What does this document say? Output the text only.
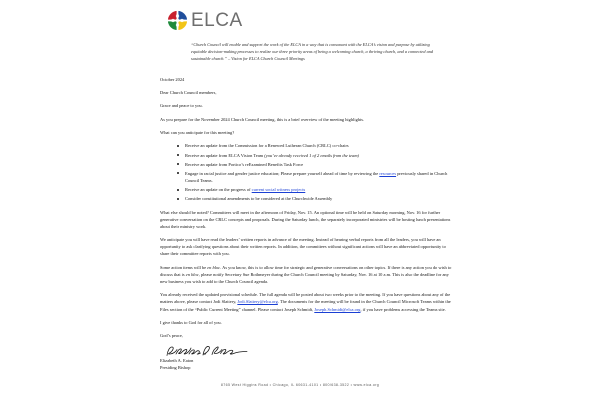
ELCA
“Church Council will enable and support the work of the ELCA in a way that is consonant with the ELCA’s vision and purpose by utilizing equitable decision-making processes to realize our three priority areas of being a welcoming church, a thriving church, and a connected and sustainable church.” – Vision for ELCA Church Council Meetings

October 2024

Dear Church Council members,

Grace and peace to you.

As you prepare for the November 2024 Church Council meeting, this is a brief overview of the meeting highlights.

What can you anticipate for this meeting?

Receive an update from the Commission for a Renewed Lutheran Church (CRLC) co-chairs
Receive an update from ELCA Vision Team (you’ve already received 1 of 2 emails from the team)
Receive an update from Portico’s reExamined Benefits Task Force
Engage in racial justice and gender justice education; Please prepare yourself ahead of time by reviewing the resources previously shared in Church Council Teams.
Receive an update on the progress of current social witness projects
Consider constitutional amendments to be considered at the Churchwide Assembly

What else should be noted? Committees will meet in the afternoon of Friday, Nov. 15. An optional time will be held on Saturday morning, Nov. 16 for further generative conversation on the CRLC concepts and proposals. During the Saturday lunch, the separately incorporated ministries will be hosting lunch presentations about their ministry work.

We anticipate you will have read the leaders’ written reports in advance of the meeting. Instead of hearing verbal reports from all the leaders, you will have an opportunity to ask clarifying questions about their written reports. In addition, the committees without significant actions will have an abbreviated opportunity to share their committee reports with you.

Some action items will be en bloc. As you know, this is to allow time for strategic and generative conversations on other topics. If there is any action you do wish to discuss that is en bloc, please notify Secretary Sue Rothmeyer during the Church Council meeting by Saturday, Nov. 16 at 10 a.m. This is also the deadline for any new business you wish to add to the Church Council agenda.

You already received the updated provisional schedule. The full agenda will be posted about two weeks prior to the meeting. If you have questions about any of the matters above, please contact Jodi Slattery, Jodi.Slattery@elca.org. The documents for the meeting will be found in the Church Council Microsoft Teams within the Files section of the “Public Current Meeting” channel. Please contact Joseph Schmidt, Joseph.Schmidt@elca.org, if you have problems accessing the Teams site.

I give thanks to God for all of you.

God’s peace,

Elizabeth A. Eaton
Presiding Bishop
8765 West Higgins Road • Chicago, IL 60631-4101 • 800/638-3522 • www.elca.org
